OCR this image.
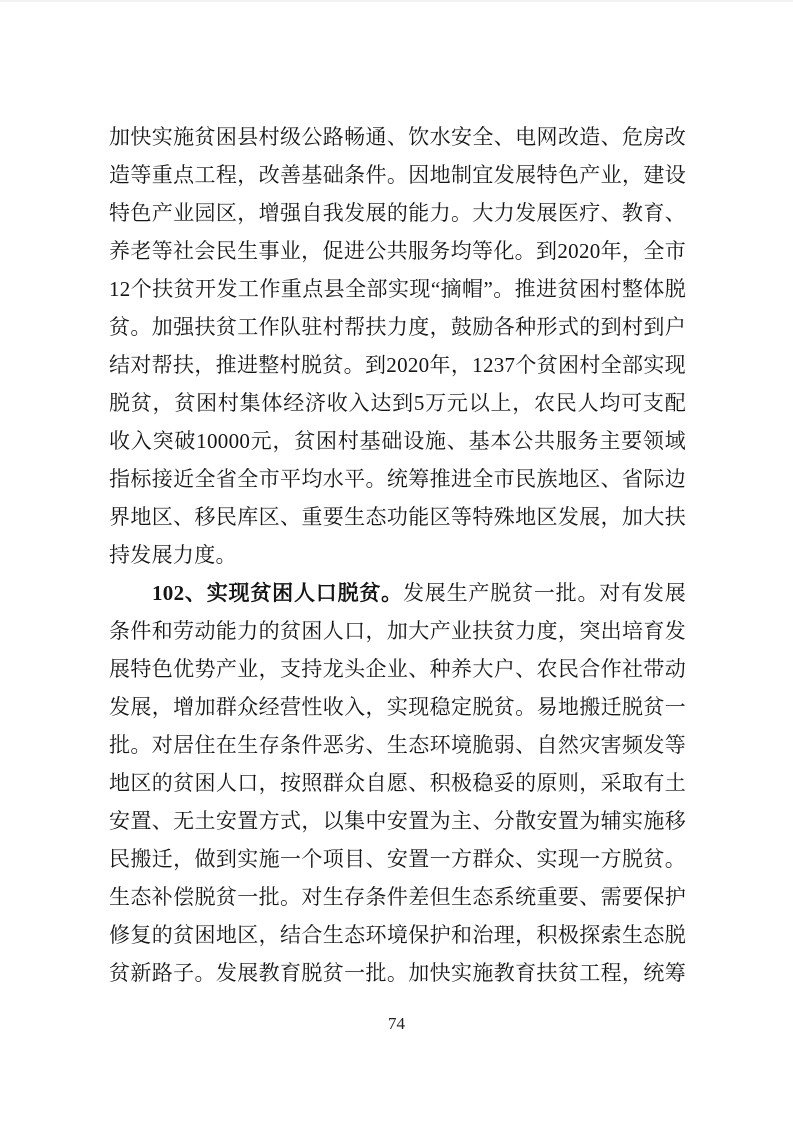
加快实施贫困县村级公路畅通、饮水安全、电网改造、危房改
造等重点工程，改善基础条件。因地制宜发展特色产业，建设
特色产业园区，增强自我发展的能力。大力发展医疗、教育、
养老等社会民生事业，促进公共服务均等化。到2020年，全市
12个扶贫开发工作重点县全部实现“摘帽”。推进贫困村整体脱
贫。加强扶贫工作队驻村帮扶力度，鼓励各种形式的到村到户
结对帮扶，推进整村脱贫。到2020年，1237个贫困村全部实现
脱贫，贫困村集体经济收入达到5万元以上，农民人均可支配
收入突破10000元，贫困村基础设施、基本公共服务主要领域
指标接近全省全市平均水平。统筹推进全市民族地区、省际边
界地区、移民库区、重要生态功能区等特殊地区发展，加大扶
持发展力度。
102、实现贫困人口脱贫。发展生产脱贫一批。对有发展
条件和劳动能力的贫困人口，加大产业扶贫力度，突出培育发
展特色优势产业，支持龙头企业、种养大户、农民合作社带动
发展，增加群众经营性收入，实现稳定脱贫。易地搬迁脱贫一
批。对居住在生存条件恶劣、生态环境脆弱、自然灾害频发等
地区的贫困人口，按照群众自愿、积极稳妥的原则，采取有土
安置、无土安置方式，以集中安置为主、分散安置为辅实施移
民搬迁，做到实施一个项目、安置一方群众、实现一方脱贫。
生态补偿脱贫一批。对生存条件差但生态系统重要、需要保护
修复的贫困地区，结合生态环境保护和治理，积极探索生态脱
贫新路子。发展教育脱贫一批。加快实施教育扶贫工程，统筹
74
